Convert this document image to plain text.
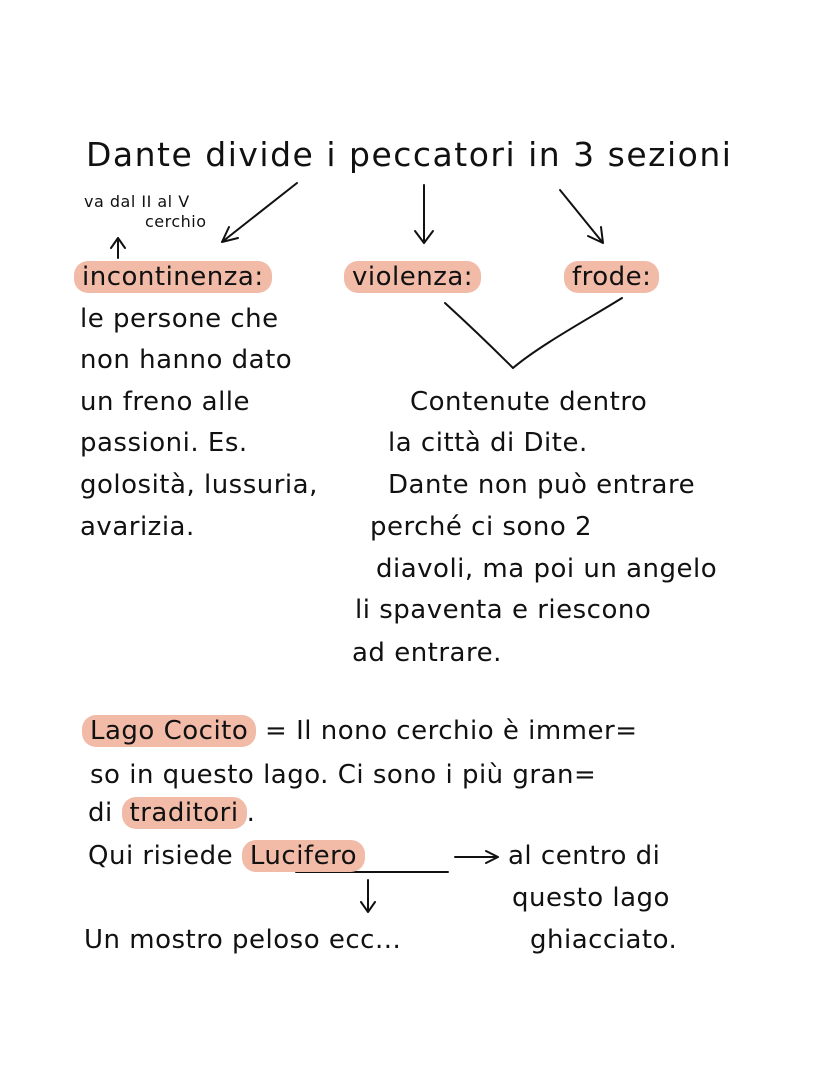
Dante divide i peccatori in 3 sezioni
va dal II al V
cerchio
incontinenza:	violenza:	frode:
le persone che
non hanno dato
un freno alle
passioni. Es.
golosità, lussuria,
avarizia.
Contenute dentro
la città di Dite.
Dante non può entrare
perché ci sono 2
diavoli, ma poi un angelo
li spaventa e riescono
ad entrare.
Lago Cocito = Il nono cerchio è immer=
so in questo lago. Ci sono i più gran=
di traditori .
Qui risiede Lucifero	al centro di
questo lago
ghiacciato.
Un mostro peloso ecc...
